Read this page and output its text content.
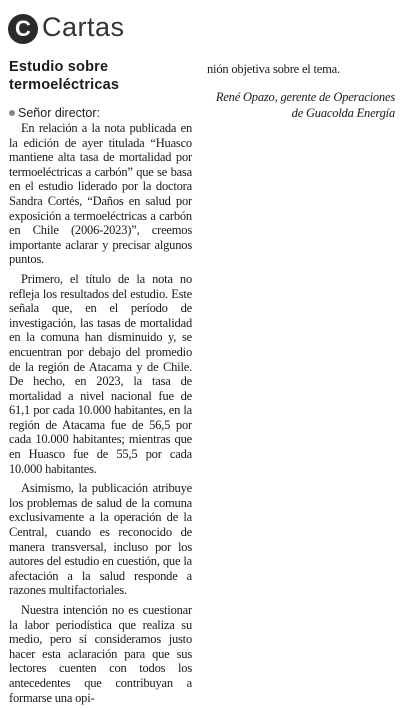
C Cartas
Estudio sobre termoeléctricas

Señor director:

En relación a la nota publicada en la edición de ayer titulada “Huasco mantiene alta tasa de mortalidad por termoeléctricas a carbón” que se basa en el estudio liderado por la doctora Sandra Cortés, “Daños en salud por exposición a termoeléctricas a carbón en Chile (2006-2023)”, creemos importante aclarar y precisar algunos puntos.

Primero, el título de la nota no refleja los resultados del estudio. Este señala que, en el período de investigación, las tasas de mortalidad en la comuna han disminuido y, se encuentran por debajo del promedio de la región de Atacama y de Chile. De hecho, en 2023, la tasa de mortalidad a nivel nacional fue de 61,1 por cada 10.000 habitantes, en la región de Atacama fue de 56,5 por cada 10.000 habitantes; mientras que en Huasco fue de 55,5 por cada 10.000 habitantes.

Asimismo, la publicación atribuye los problemas de salud de la comuna exclusivamente a la operación de la Central, cuando es reconocido de manera transversal, incluso por los autores del estudio en cuestión, que la afectación a la salud responde a razones multifactoriales.

Nuestra intención no es cuestionar la labor periodística que realiza su medio, pero sí consideramos justo hacer esta aclaración para que sus lectores cuenten con todos los antecedentes que contribuyan a formarse una opi-

nión objetiva sobre el tema.

René Opazo, gerente de Operaciones de Guacolda Energía
